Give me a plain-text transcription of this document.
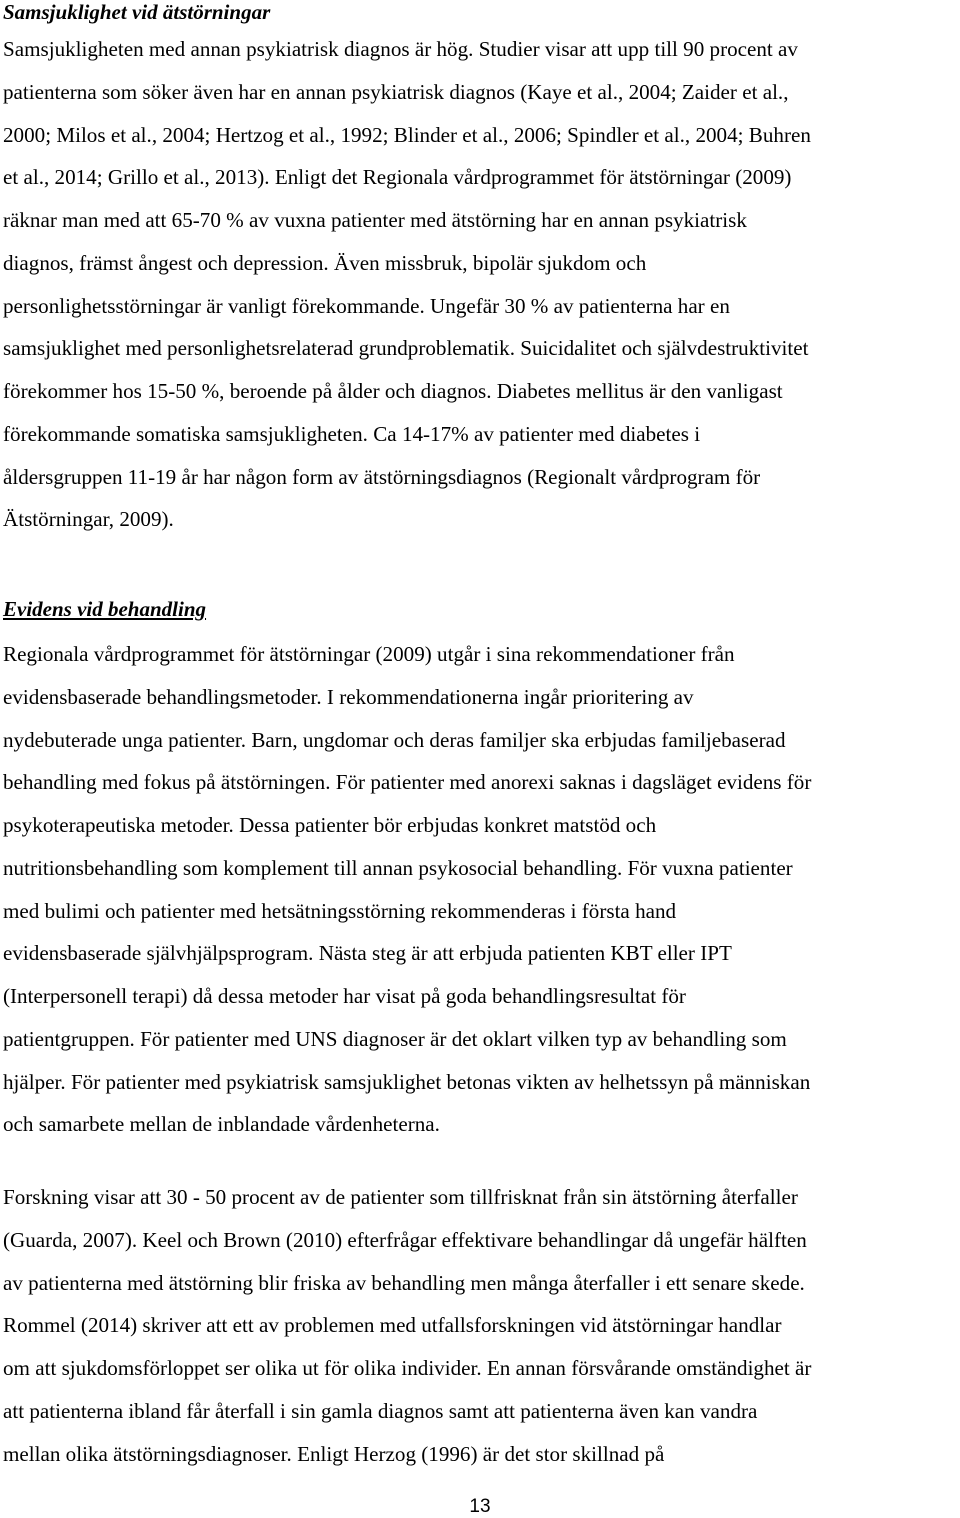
Samsjuklighet vid ätstörningar
Samsjukligheten med annan psykiatrisk diagnos är hög. Studier visar att upp till 90 procent av
patienterna som söker även har en annan psykiatrisk diagnos (Kaye et al., 2004; Zaider et al.,
2000; Milos et al., 2004; Hertzog et al., 1992; Blinder et al., 2006; Spindler et al., 2004; Buhren
et al., 2014; Grillo et al., 2013). Enligt det Regionala vårdprogrammet för ätstörningar (2009)
räknar man med att 65-70 % av vuxna patienter med ätstörning har en annan psykiatrisk
diagnos, främst ångest och depression. Även missbruk, bipolär sjukdom och
personlighetsstörningar är vanligt förekommande. Ungefär 30 % av patienterna har en
samsjuklighet med personlighetsrelaterad grundproblematik. Suicidalitet och självdestruktivitet
förekommer hos 15-50 %, beroende på ålder och diagnos. Diabetes mellitus är den vanligast
förekommande somatiska samsjukligheten. Ca 14-17% av patienter med diabetes i
åldersgruppen 11-19 år har någon form av ätstörningsdiagnos (Regionalt vårdprogram för
Ätstörningar, 2009).
Evidens vid behandling
Regionala vårdprogrammet för ätstörningar (2009) utgår i sina rekommendationer från
evidensbaserade behandlingsmetoder. I rekommendationerna ingår prioritering av
nydebuterade unga patienter. Barn, ungdomar och deras familjer ska erbjudas familjebaserad
behandling med fokus på ätstörningen. För patienter med anorexi saknas i dagsläget evidens för
psykoterapeutiska metoder. Dessa patienter bör erbjudas konkret matstöd och
nutritionsbehandling som komplement till annan psykosocial behandling. För vuxna patienter
med bulimi och patienter med hetsätningsstörning rekommenderas i första hand
evidensbaserade självhjälpsprogram. Nästa steg är att erbjuda patienten KBT eller IPT
(Interpersonell terapi) då dessa metoder har visat på goda behandlingsresultat för
patientgruppen. För patienter med UNS diagnoser är det oklart vilken typ av behandling som
hjälper. För patienter med psykiatrisk samsjuklighet betonas vikten av helhetssyn på människan
och samarbete mellan de inblandade vårdenheterna.
Forskning visar att 30 - 50 procent av de patienter som tillfrisknat från sin ätstörning återfaller
(Guarda, 2007). Keel och Brown (2010) efterfrågar effektivare behandlingar då ungefär hälften
av patienterna med ätstörning blir friska av behandling men många återfaller i ett senare skede.
Rommel (2014) skriver att ett av problemen med utfallsforskningen vid ätstörningar handlar
om att sjukdomsförloppet ser olika ut för olika individer. En annan försvårande omständighet är
att patienterna ibland får återfall i sin gamla diagnos samt att patienterna även kan vandra
mellan olika ätstörningsdiagnoser. Enligt Herzog (1996) är det stor skillnad på
13
